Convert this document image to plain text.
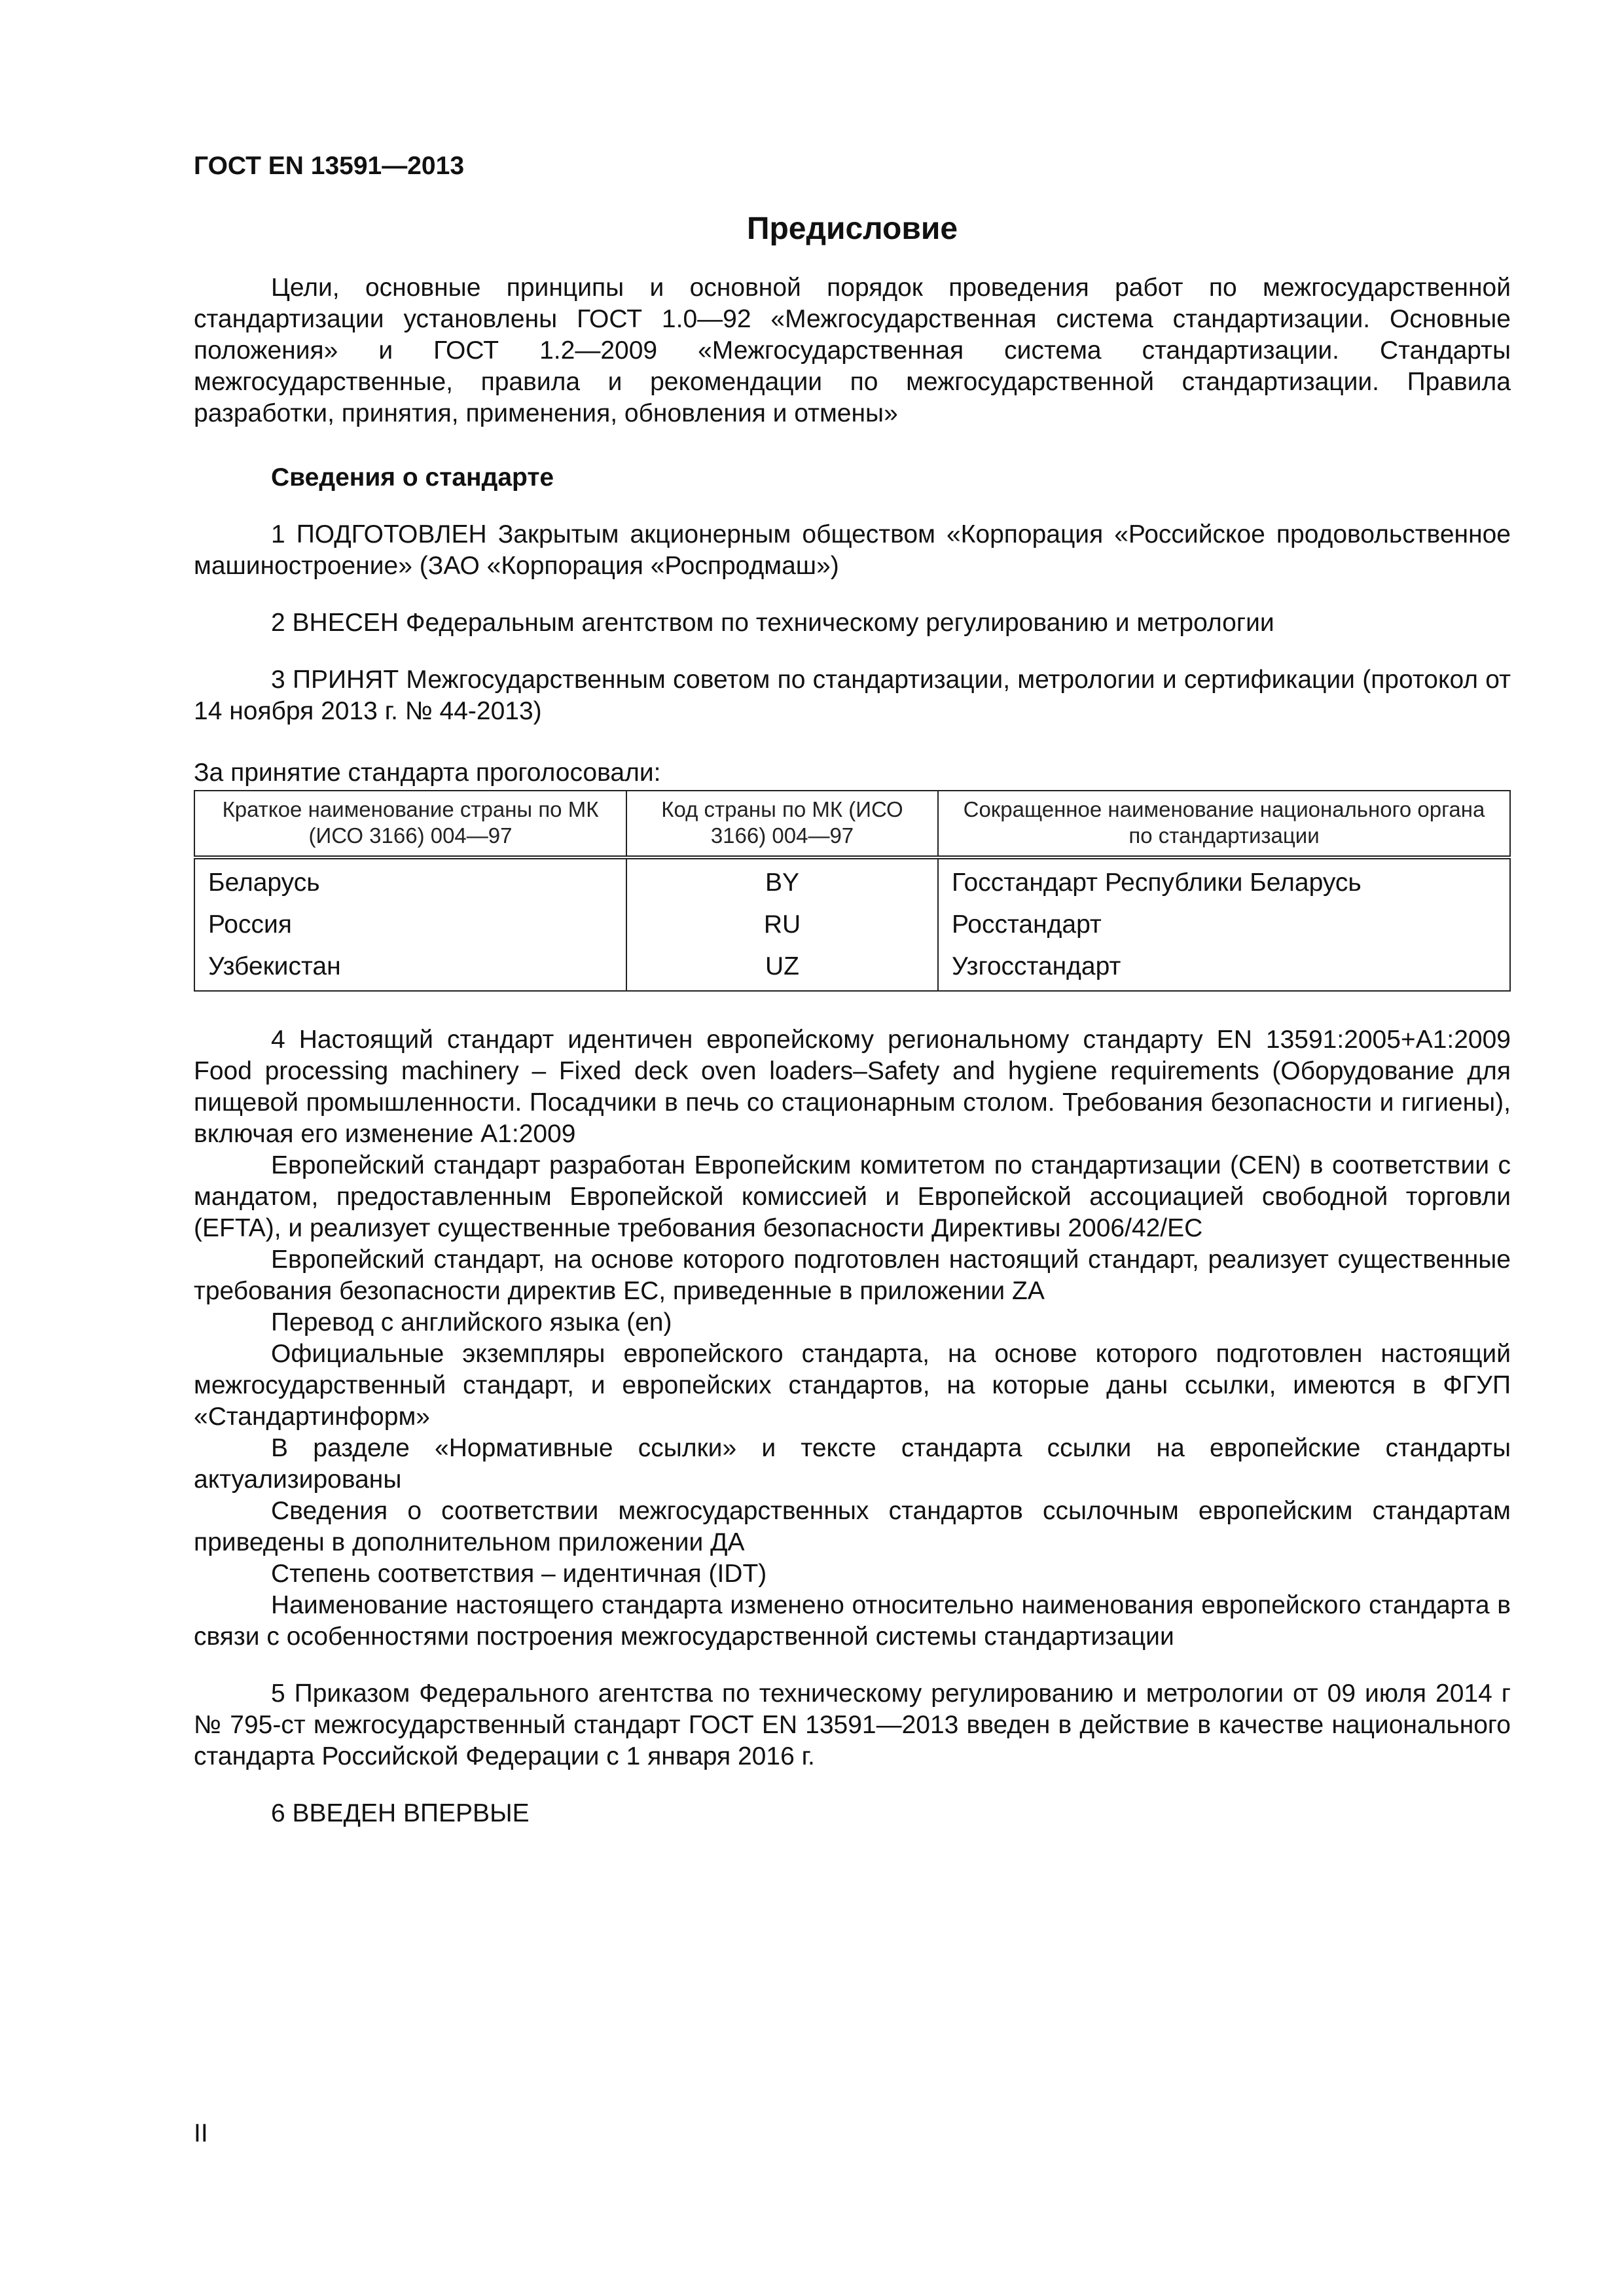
ГОСТ EN 13591—2013
Предисловие

Цели, основные принципы и основной порядок проведения работ по межгосударственной стандартизации установлены ГОСТ 1.0—92 «Межгосударственная система стандартизации. Основные положения» и ГОСТ 1.2—2009 «Межгосударственная система стандартизации. Стандарты межгосударственные, правила и рекомендации по межгосударственной стандартизации. Правила разработки, принятия, применения, обновления и отмены»

Сведения о стандарте

1 ПОДГОТОВЛЕН Закрытым акционерным обществом «Корпорация «Российское продовольственное машиностроение» (ЗАО «Корпорация «Роспродмаш»)

2 ВНЕСЕН Федеральным агентством по техническому регулированию и метрологии

3 ПРИНЯТ Межгосударственным советом по стандартизации, метрологии и сертификации (протокол от 14 ноября 2013 г. № 44-2013)

За принятие стандарта проголосовали:
Краткое наименование страны по МК (ИСО 3166) 004—97	Код страны по МК (ИСО 3166) 004—97	Сокращенное наименование национального органа по стандартизации
Беларусь	BY	Госстандарт Республики Беларусь
Россия	RU	Росстандарт
Узбекистан	UZ	Узгосстандарт

4 Настоящий стандарт идентичен европейскому региональному стандарту EN 13591:2005+A1:2009 Food processing machinery – Fixed deck oven loaders–Safety and hygiene requirements (Оборудование для пищевой промышленности. Посадчики в печь со стационарным столом. Требования безопасности и гигиены), включая его изменение А1:2009

Европейский стандарт разработан Европейским комитетом по стандартизации (CEN) в соответствии с мандатом, предоставленным Европейской комиссией и Европейской ассоциацией свободной торговли (EFTA), и реализует существенные требования безопасности Директивы 2006/42/ЕС

Европейский стандарт, на основе которого подготовлен настоящий стандарт, реализует существенные требования безопасности директив ЕС, приведенные в приложении ZA

Перевод с английского языка (en)

Официальные экземпляры европейского стандарта, на основе которого подготовлен настоящий межгосударственный стандарт, и европейских стандартов, на которые даны ссылки, имеются в ФГУП «Стандартинформ»

В разделе «Нормативные ссылки» и тексте стандарта ссылки на европейские стандарты актуализированы

Сведения о соответствии межгосударственных стандартов ссылочным европейским стандартам приведены в дополнительном приложении ДА

Степень соответствия – идентичная (IDT)

Наименование настоящего стандарта изменено относительно наименования европейского стандарта в связи с особенностями построения межгосударственной системы стандартизации

5 Приказом Федерального агентства по техническому регулированию и метрологии от 09 июля 2014 г № 795-ст межгосударственный стандарт ГОСТ EN 13591—2013 введен в действие в качестве национального стандарта Российской Федерации с 1 января 2016 г.

6 ВВЕДЕН ВПЕРВЫЕ

II
